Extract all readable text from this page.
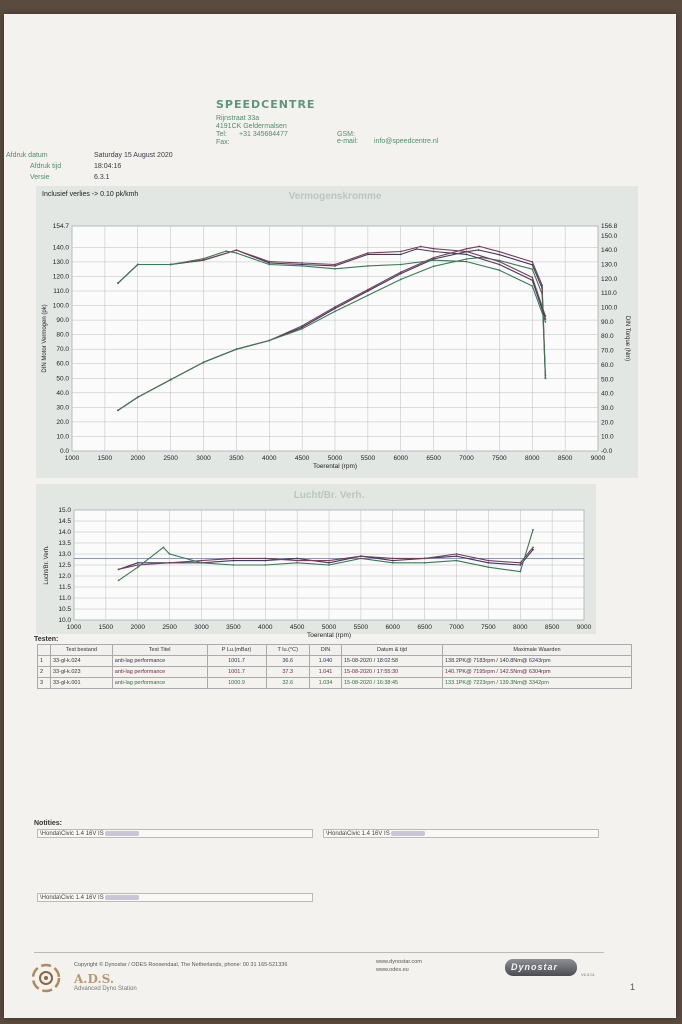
SPEEDCENTRE
Rijnstraat 33a
4191CK Geldermalsen
Tel: +31 345684477
Fax:
GSM:
e-mail: info@speedcentre.nl
Afdruk datum	Saturday 15 August 2020
Afdruk tijd	18:04:16
Versie	6.3.1
1000	1500	2000	2500	3000	3500	4000	4500	5000	5500	6000	6500	7000	7500	8000	8500	9000
0.0
10.0
20.0
30.0
40.0
50.0
60.0
70.0
80.0
90.0
100.0
110.0
120.0
130.0
140.0
154.7
-0.0
10.0
20.0
30.0
40.0
50.0
60.0
70.0
80.0
90.0
100.0
110.0
120.0
130.0
140.0
150.0
156.8
Vermogenskromme
Toerental (rpm)
DIN Motor Vermogen (pk)	DIN Torque (Nm)
Inclusief verlies -> 0.10 pk/kmh
1000	1500	2000	2500	3000	3500	4000	4500	5000	5500	6000	6500	7000	7500	8000	8500	9000
10.0
10.5
11.0
11.5
12.0
12.5
13.0
13.5
14.0
14.5
15.0
Lucht/Br. Verh.
Toerental (rpm)
Lucht/Br. Verh.
Testen:
	Test bestand	Test Titel	P Lu.(mBar)	T lu.(°C)	DIN	Datum & tijd	Maximale Waarden
1	33-gl-k.024	anti-lag performance	1001.7	36.6	1.040	15-08-2020 / 18:02:58	138.2PK@ 7183rpm / 140.8Nm@ 6243rpm
2	33-gl-k.023	anti-lag performance	1001.7	37.3	1.041	15-08-2020 / 17:55:30	140.7PK@ 7195rpm / 142.5Nm@ 6304rpm
3	33-gl-k.001	anti-lag performance	1000.9	32.6	1.034	15-08-2020 / 16:38:45	133.1PK@ 7223rpm / 139.3Nm@ 3342pm
Notities:
\Honda\Civic 1.4 16V IS	\Honda\Civic 1.4 16V IS
\Honda\Civic 1.4 16V IS
Copyright © Dynostar / ODES Roosendaal, The Netherlands, phone: 00 31 165-521336
A.D.S.
Advanced Dyno Station
www.dynostar.com
www.odes.eu	Dynostar
V6.3.01
1
